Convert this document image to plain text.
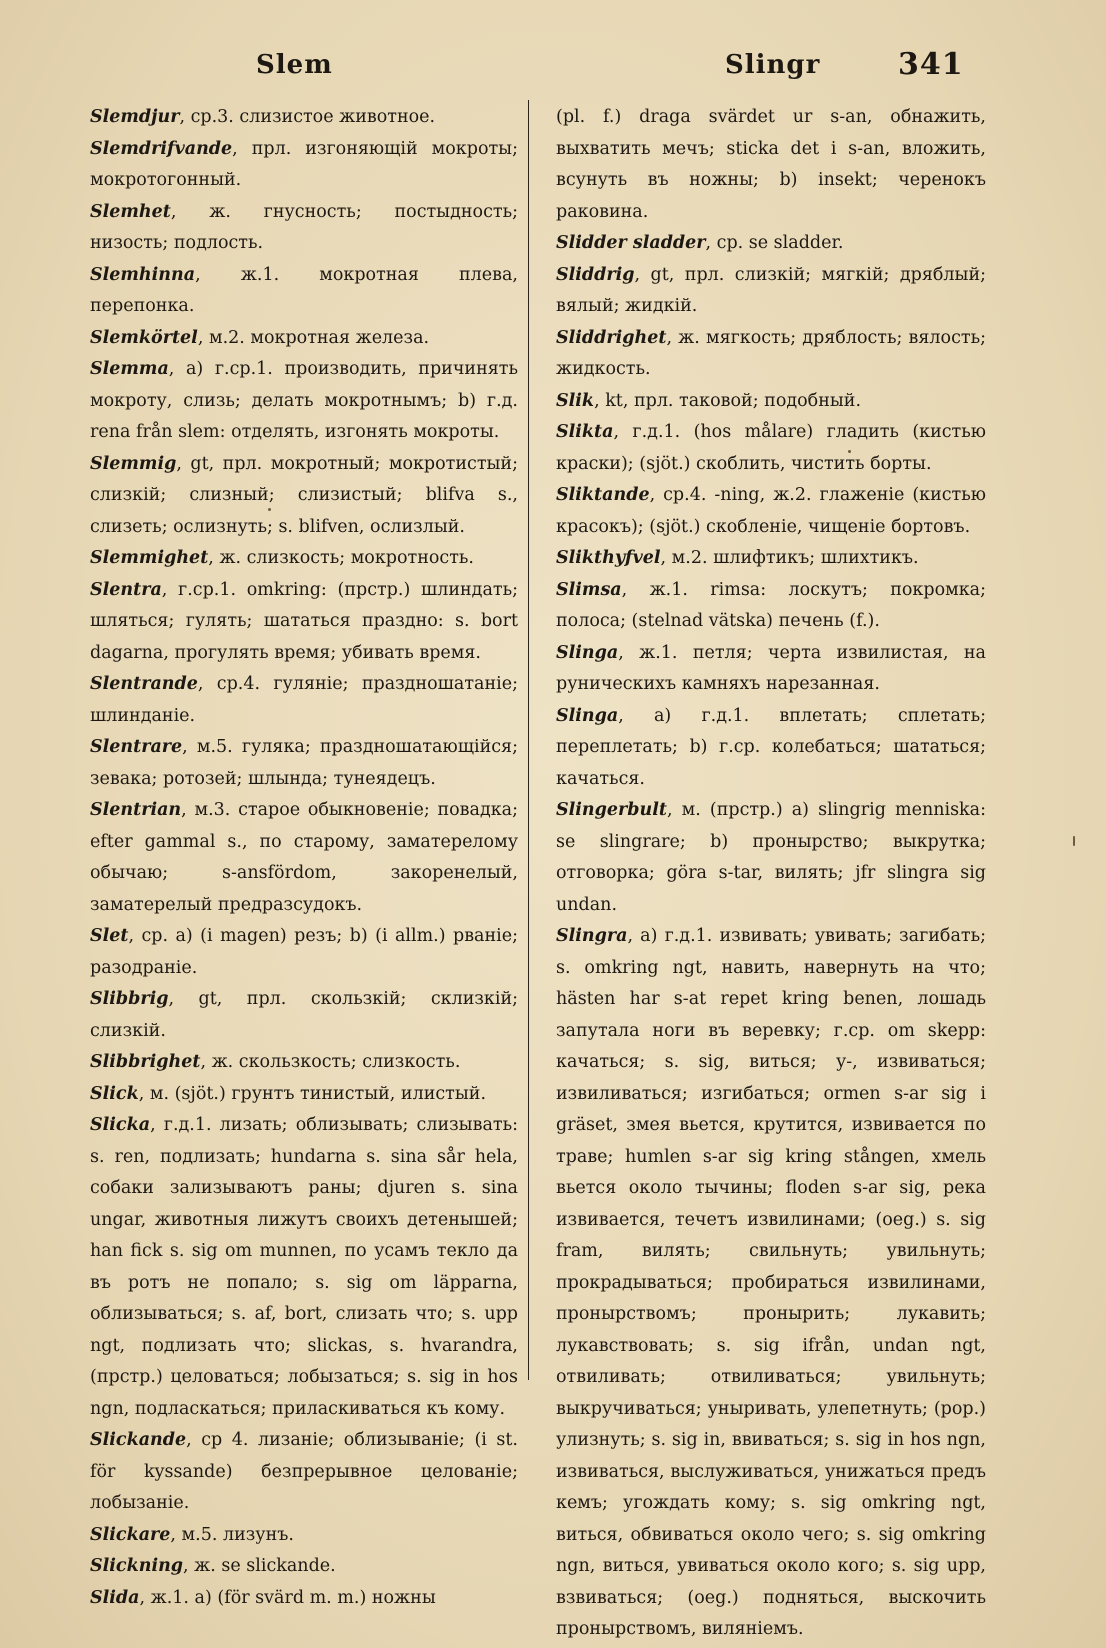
Slem	Slingr	341

Slemdjur, ср.3. слизистое животное.

Slemdrifvande, прл. изгоняющій мокроты; мокротогонный.

Slemhet, ж. гнусность; постыдность; низость; подлость.

Slemhinna, ж.1. мокротная плева, перепонка.

Slemkörtel, м.2. мокротная железа.

Slemma, a) г.ср.1. производить, причинять мокроту, слизь; делать мокротнымъ; b) г.д. rena från slem: отделять, изгонять мокроты.

Slemmig, gt, прл. мокротный; мокротистый; слизкій; слизный; слизистый; blifva s., слизеть; ослизнуть; s. blifven, ослизлый.

Slemmighet, ж. слизкость; мокротность.

Slentra, г.ср.1. omkring: (прстр.) шлиндать; шляться; гулять; шататься праздно: s. bort dagarna, прогулять время; убивать время.

Slentrande, ср.4. гуляніе; праздношатаніе; шлинданіе.

Slentrare, м.5. гуляка; праздношатающійся; зевака; ротозей; шлында; тунеядецъ.

Slentrian, м.3. старое обыкновеніе; повадка; efter gammal s., по старому, заматерелому обычаю; s-ansfördom, закоренелый, заматерелый предразсудокъ.

Slet, ср. a) (i magen) резъ; b) (i allm.) рваніе; разодраніе.

Slibbrig, gt, прл. скользкій; склизкій; слизкій.

Slibbrighet, ж. скользкость; слизкость.

Slick, м. (sjöt.) грунтъ тинистый, илистый.

Slicka, г.д.1. лизать; облизывать; слизывать: s. ren, подлизать; hundarna s. sina sår hela, собаки зализываютъ раны; djuren s. sina ungar, животныя лижутъ своихъ детенышей; han fick s. sig om munnen, по усамъ текло да въ ротъ не попало; s. sig om läpparna, облизываться; s. af, bort, слизать что; s. upp ngt, подлизать что; slickas, s. hvarandra, (прстр.) целоваться; лобызаться; s. sig in hos ngn, подласкаться; приласкиваться къ кому.

Slickande, ср 4. лизаніе; облизываніе; (i st. för kyssande) безпрерывное целованіе; лобызаніе.

Slickare, м.5. лизунъ.

Slickning, ж. se slickande.

Slida, ж.1. a) (för svärd m. m.) ножны

(pl. f.) draga svärdet ur s-an, обнажить, выхватить мечъ; sticka det i s-an, вложить, всунуть въ ножны; b) insekt; черенокъ раковина.

Slidder sladder, ср. se sladder.

Sliddrig, gt, прл. слизкій; мягкій; дряблый; вялый; жидкій.

Sliddrighet, ж. мягкость; дряблость; вялость; жидкость.

Slik, kt, прл. таковой; подобный.

Slikta, г.д.1. (hos målare) гладить (кистью краски); (sjöt.) скоблить, чистить борты.

Sliktande, ср.4. -ning, ж.2. глаженіе (кистью красокъ); (sjöt.) скобленіе, чищеніе бортовъ.

Slikthyfvel, м.2. шлифтикъ; шлихтикъ.

Slimsa, ж.1. rimsa: лоскутъ; покромка; полоса; (stelnad vätska) печень (f.).

Slinga, ж.1. петля; черта извилистая, на руническихъ камняхъ нарезанная.

Slinga, a) г.д.1. вплетать; сплетать; переплетать; b) г.ср. колебаться; шататься; качаться.

Slingerbult, м. (прстр.) a) slingrig menniska: se slingrare; b) пронырство; выкрутка; отговорка; göra s-tar, вилять; jfr slingra sig undan.

Slingra, a) г.д.1. извивать; увивать; загибать; s. omkring ngt, навить, навернуть на что; hästen har s-at repet kring benen, лошадь запутала ноги въ веревку; г.ср. om skepp: качаться; s. sig, виться; у-, извиваться; извиливаться; изгибаться; ormen s-ar sig i gräset, змея вьется, крутится, извивается по траве; humlen s-ar sig kring stången, хмель вьется около тычины; floden s-ar sig, река извивается, течетъ извилинами; (oeg.) s. sig fram, вилять; свильнуть; увильнуть; прокрадываться; пробираться извилинами, пронырствомъ; пронырить; лукавить; лукавствовать; s. sig ifrån, undan ngt, отвиливать; отвиливаться; увильнуть; выкручиваться; уныривать, улепетнуть; (pop.) улизнуть; s. sig in, ввиваться; s. sig in hos ngn, извиваться, выслуживаться, унижаться предъ кемъ; угождать кому; s. sig omkring ngt, виться, обвиваться около чего; s. sig omkring ngn, виться, увиваться около кого; s. sig upp, взвиваться; (oeg.) подняться, выскочить пронырствомъ, виляніемъ.
